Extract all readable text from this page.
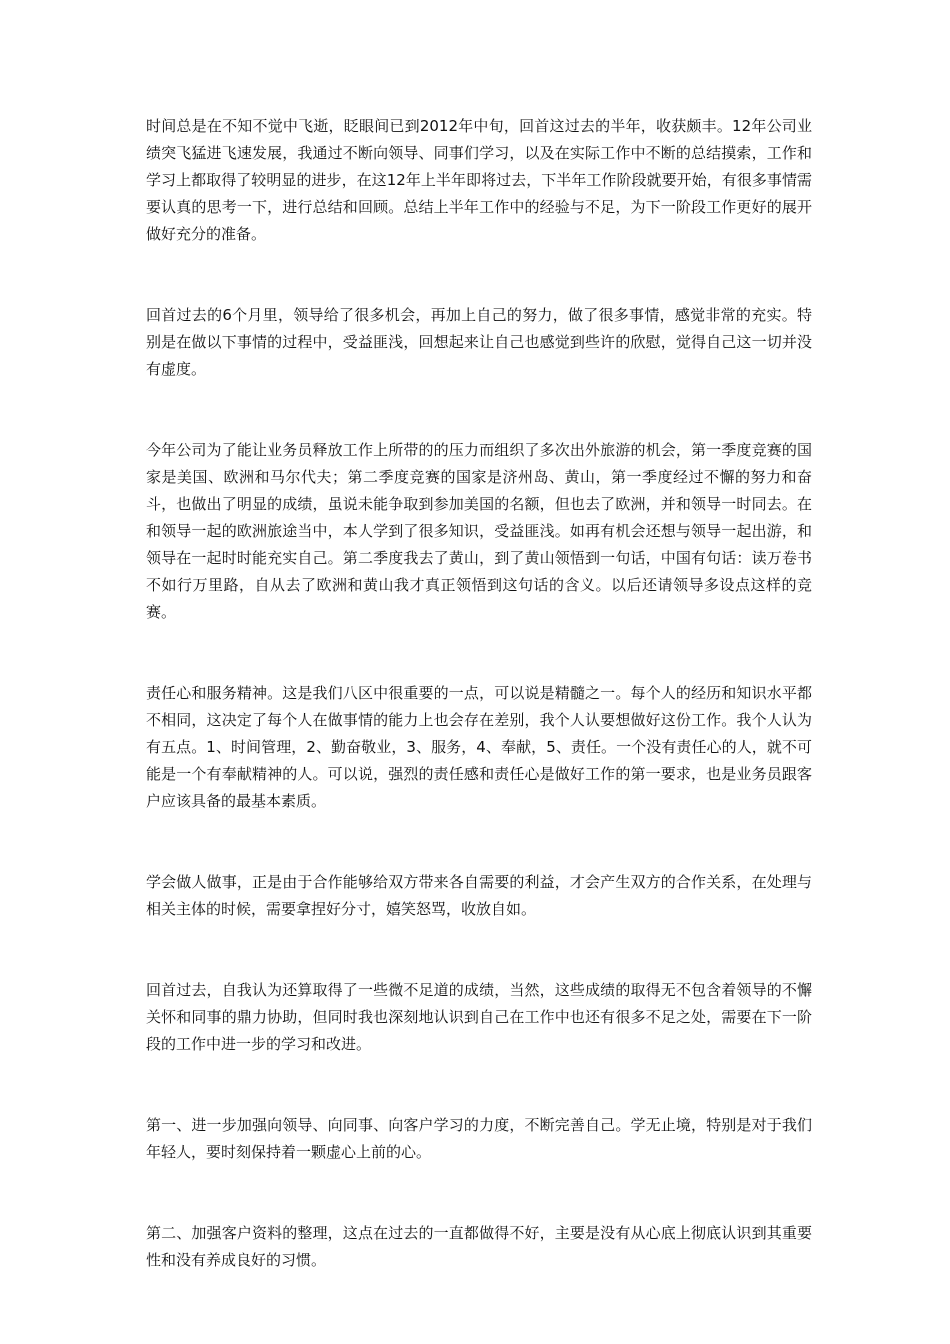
时间总是在不知不觉中飞逝，眨眼间已到2012年中旬，回首这过去的半年，收获颇丰。12年公司业绩突飞猛进飞速发展，我通过不断向领导、同事们学习，以及在实际工作中不断的总结摸索，工作和学习上都取得了较明显的进步，在这12年上半年即将过去，下半年工作阶段就要开始，有很多事情需要认真的思考一下，进行总结和回顾。总结上半年工作中的经验与不足，为下一阶段工作更好的展开做好充分的准备。

回首过去的6个月里，领导给了很多机会，再加上自己的努力，做了很多事情，感觉非常的充实。特别是在做以下事情的过程中，受益匪浅，回想起来让自己也感觉到些许的欣慰，觉得自己这一切并没有虚度。

今年公司为了能让业务员释放工作上所带的的压力而组织了多次出外旅游的机会，第一季度竞赛的国家是美国、欧洲和马尔代夫；第二季度竞赛的国家是济州岛、黄山，第一季度经过不懈的努力和奋斗，也做出了明显的成绩，虽说未能争取到参加美国的名额，但也去了欧洲，并和领导一时同去。在和领导一起的欧洲旅途当中，本人学到了很多知识，受益匪浅。如再有机会还想与领导一起出游，和领导在一起时时能充实自己。第二季度我去了黄山，到了黄山领悟到一句话，中国有句话：读万卷书不如行万里路，自从去了欧洲和黄山我才真正领悟到这句话的含义。以后还请领导多设点这样的竞赛。

责任心和服务精神。这是我们八区中很重要的一点，可以说是精髓之一。每个人的经历和知识水平都不相同，这决定了每个人在做事情的能力上也会存在差别，我个人认要想做好这份工作。我个人认为有五点。1、时间管理，2、勤奋敬业，3、服务，4、奉献，5、责任。一个没有责任心的人，就不可能是一个有奉献精神的人。可以说，强烈的责任感和责任心是做好工作的第一要求，也是业务员跟客户应该具备的最基本素质。

学会做人做事，正是由于合作能够给双方带来各自需要的利益，才会产生双方的合作关系，在处理与相关主体的时候，需要拿捏好分寸，嬉笑怒骂，收放自如。

回首过去，自我认为还算取得了一些微不足道的成绩，当然，这些成绩的取得无不包含着领导的不懈关怀和同事的鼎力协助，但同时我也深刻地认识到自己在工作中也还有很多不足之处，需要在下一阶段的工作中进一步的学习和改进。

第一、进一步加强向领导、向同事、向客户学习的力度，不断完善自己。学无止境，特别是对于我们年轻人，要时刻保持着一颗虚心上前的心。

第二、加强客户资料的整理，这点在过去的一直都做得不好，主要是没有从心底上彻底认识到其重要性和没有养成良好的习惯。
